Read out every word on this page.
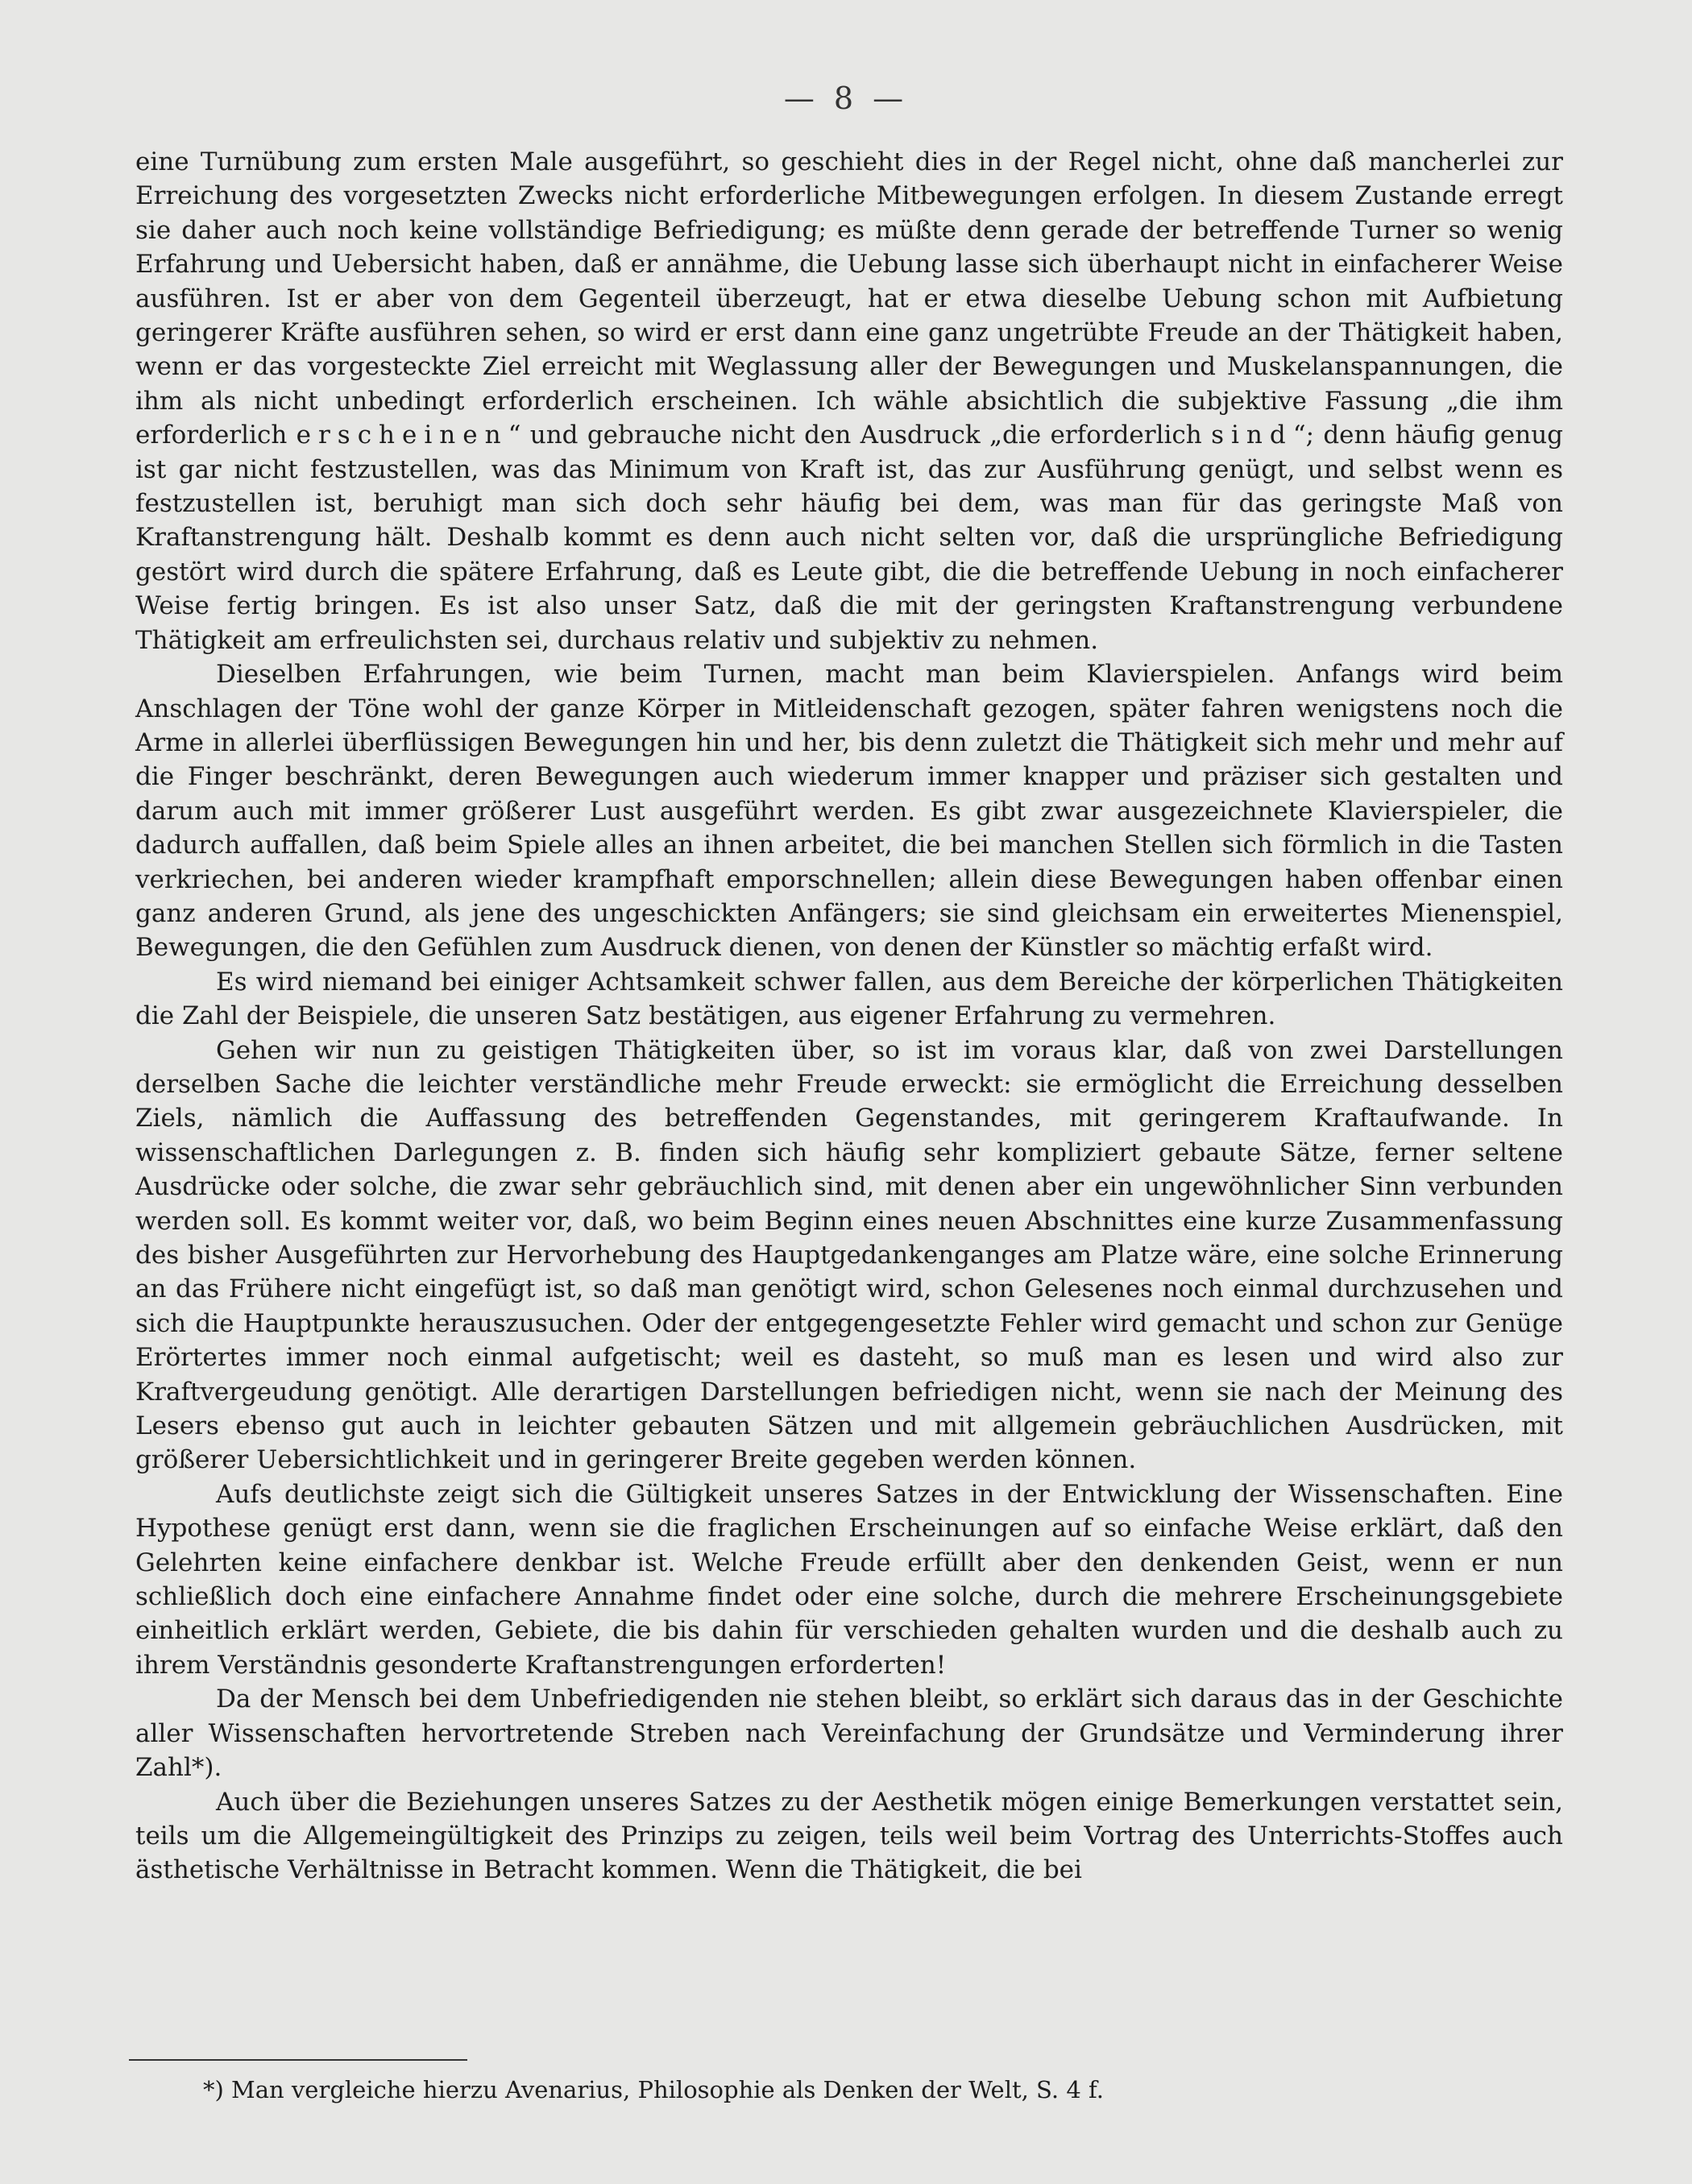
— 8 —

eine Turnübung zum ersten Male ausgeführt, so geschieht dies in der Regel nicht, ohne daß mancherlei zur Erreichung des vorgesetzten Zwecks nicht erforderliche Mitbewegungen erfolgen. In diesem Zustande erregt sie daher auch noch keine vollständige Befriedigung; es müßte denn gerade der betreffende Turner so wenig Erfahrung und Uebersicht haben, daß er annähme, die Uebung lasse sich überhaupt nicht in einfacherer Weise ausführen. Ist er aber von dem Gegenteil überzeugt, hat er etwa dieselbe Uebung schon mit Aufbietung geringerer Kräfte ausführen sehen, so wird er erst dann eine ganz ungetrübte Freude an der Thätigkeit haben, wenn er das vorgesteckte Ziel erreicht mit Weglassung aller der Bewegungen und Muskelanspannungen, die ihm als nicht unbedingt erforderlich erscheinen. Ich wähle absichtlich die subjektive Fassung „die ihm erforderlich erscheinen“ und gebrauche nicht den Ausdruck „die erforderlich sind“; denn häufig genug ist gar nicht festzustellen, was das Minimum von Kraft ist, das zur Ausführung genügt, und selbst wenn es festzustellen ist, beruhigt man sich doch sehr häufig bei dem, was man für das geringste Maß von Kraftanstrengung hält. Deshalb kommt es denn auch nicht selten vor, daß die ursprüngliche Befriedigung gestört wird durch die spätere Erfahrung, daß es Leute gibt, die die betreffende Uebung in noch einfacherer Weise fertig bringen. Es ist also unser Satz, daß die mit der geringsten Kraftanstrengung verbundene Thätigkeit am erfreulichsten sei, durchaus relativ und subjektiv zu nehmen.

Dieselben Erfahrungen, wie beim Turnen, macht man beim Klavierspielen. Anfangs wird beim Anschlagen der Töne wohl der ganze Körper in Mitleidenschaft gezogen, später fahren wenigstens noch die Arme in allerlei überflüssigen Bewegungen hin und her, bis denn zuletzt die Thätigkeit sich mehr und mehr auf die Finger beschränkt, deren Bewegungen auch wiederum immer knapper und präziser sich gestalten und darum auch mit immer größerer Lust ausgeführt werden. Es gibt zwar ausgezeichnete Klavierspieler, die dadurch auffallen, daß beim Spiele alles an ihnen arbeitet, die bei manchen Stellen sich förmlich in die Tasten verkriechen, bei anderen wieder krampfhaft emporschnellen; allein diese Bewegungen haben offenbar einen ganz anderen Grund, als jene des ungeschickten Anfängers; sie sind gleichsam ein erweitertes Mienenspiel, Bewegungen, die den Gefühlen zum Ausdruck dienen, von denen der Künstler so mächtig erfaßt wird.

Es wird niemand bei einiger Achtsamkeit schwer fallen, aus dem Bereiche der körperlichen Thätigkeiten die Zahl der Beispiele, die unseren Satz bestätigen, aus eigener Erfahrung zu vermehren.

Gehen wir nun zu geistigen Thätigkeiten über, so ist im voraus klar, daß von zwei Darstellungen derselben Sache die leichter verständliche mehr Freude erweckt: sie ermöglicht die Erreichung desselben Ziels, nämlich die Auffassung des betreffenden Gegenstandes, mit geringerem Kraftaufwande. In wissenschaftlichen Darlegungen z. B. finden sich häufig sehr kompliziert gebaute Sätze, ferner seltene Ausdrücke oder solche, die zwar sehr gebräuchlich sind, mit denen aber ein ungewöhnlicher Sinn verbunden werden soll. Es kommt weiter vor, daß, wo beim Beginn eines neuen Abschnittes eine kurze Zusammenfassung des bisher Ausgeführten zur Hervorhebung des Hauptgedankenganges am Platze wäre, eine solche Erinnerung an das Frühere nicht eingefügt ist, so daß man genötigt wird, schon Gelesenes noch einmal durchzusehen und sich die Hauptpunkte herauszusuchen. Oder der entgegengesetzte Fehler wird gemacht und schon zur Genüge Erörtertes immer noch einmal aufgetischt; weil es dasteht, so muß man es lesen und wird also zur Kraftvergeudung genötigt. Alle derartigen Darstellungen befriedigen nicht, wenn sie nach der Meinung des Lesers ebenso gut auch in leichter gebauten Sätzen und mit allgemein gebräuchlichen Ausdrücken, mit größerer Uebersichtlichkeit und in geringerer Breite gegeben werden können.

Aufs deutlichste zeigt sich die Gültigkeit unseres Satzes in der Entwicklung der Wissenschaften. Eine Hypothese genügt erst dann, wenn sie die fraglichen Erscheinungen auf so einfache Weise erklärt, daß den Gelehrten keine einfachere denkbar ist. Welche Freude erfüllt aber den denkenden Geist, wenn er nun schließlich doch eine einfachere Annahme findet oder eine solche, durch die mehrere Erscheinungsgebiete einheitlich erklärt werden, Gebiete, die bis dahin für verschieden gehalten wurden und die deshalb auch zu ihrem Verständnis gesonderte Kraftanstrengungen erforderten!

Da der Mensch bei dem Unbefriedigenden nie stehen bleibt, so erklärt sich daraus das in der Geschichte aller Wissenschaften hervortretende Streben nach Vereinfachung der Grundsätze und Verminderung ihrer Zahl*).

Auch über die Beziehungen unseres Satzes zu der Aesthetik mögen einige Bemerkungen verstattet sein, teils um die Allgemeingültigkeit des Prinzips zu zeigen, teils weil beim Vortrag des Unterrichts-Stoffes auch ästhetische Verhältnisse in Betracht kommen. Wenn die Thätigkeit, die bei

*) Man vergleiche hierzu Avenarius, Philosophie als Denken der Welt, S. 4 f.
